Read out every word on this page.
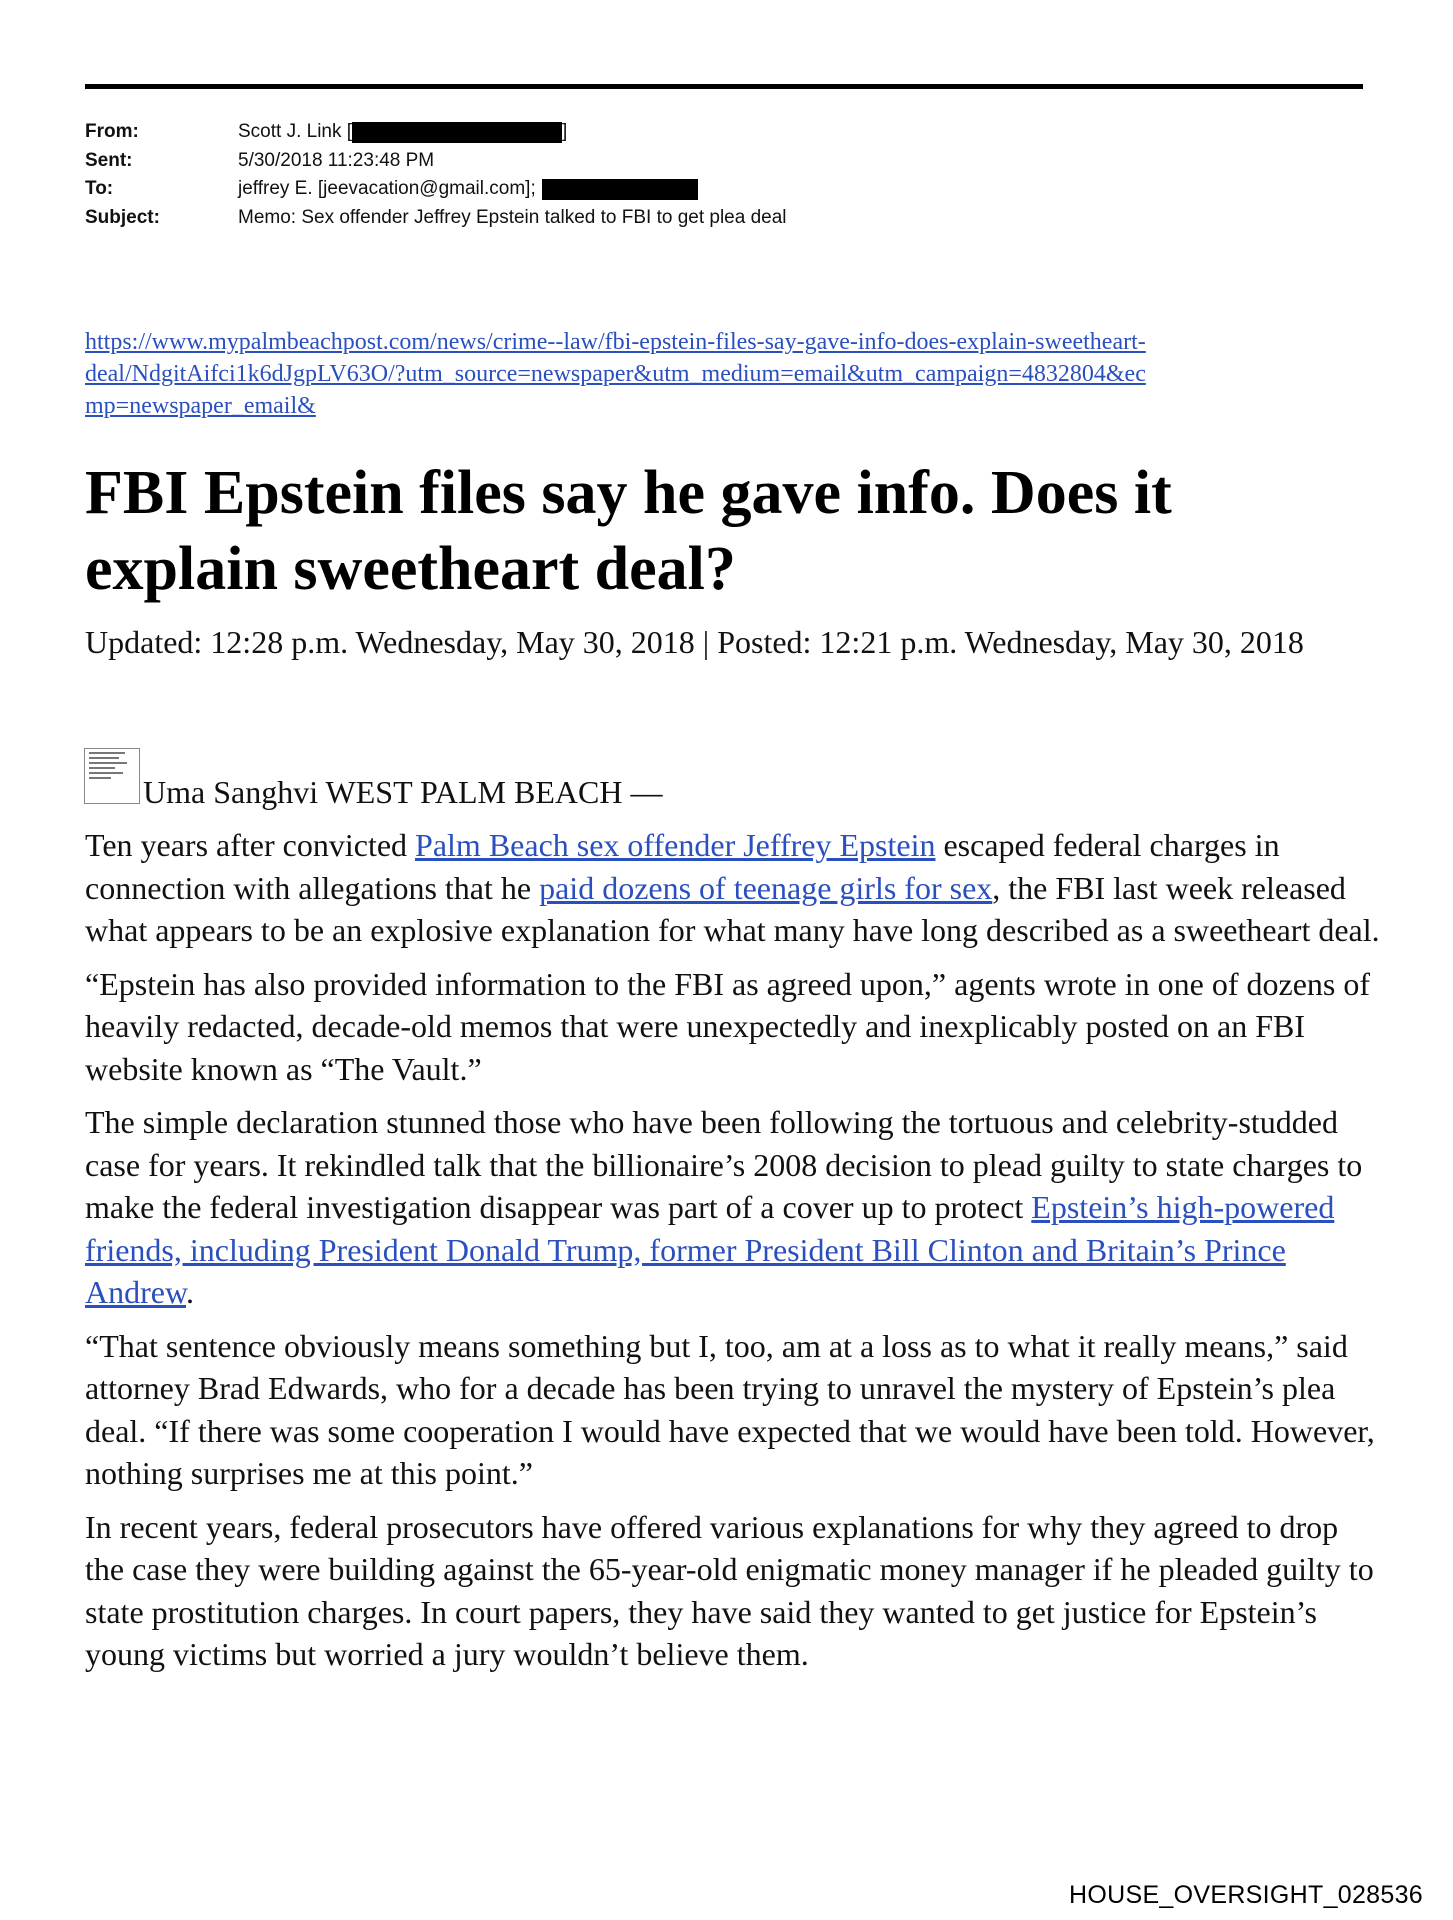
From:	Scott J. Link [	]
Sent:	5/30/2018 11:23:48 PM
To:	jeffrey E. [jeevacation@gmail.com];
Subject:	Memo: Sex offender Jeffrey Epstein talked to FBI to get plea deal
https://www.mypalmbeachpost.com/news/crime--law/fbi-epstein-files-say-gave-info-does-explain-sweetheart-
deal/NdgitAifci1k6dJgpLV63O/?utm_source=newspaper&utm_medium=email&utm_campaign=4832804&ec
mp=newspaper_email&
FBI Epstein files say he gave info. Does it explain sweetheart deal?
Updated: 12:28 p.m. Wednesday, May 30, 2018 | Posted: 12:21 p.m. Wednesday, May 30, 2018
Uma Sanghvi WEST PALM BEACH —

Ten years after convicted Palm Beach sex offender Jeffrey Epstein escaped federal charges in connection with allegations that he paid dozens of teenage girls for sex, the FBI last week released what appears to be an explosive explanation for what many have long described as a sweetheart deal.

“Epstein has also provided information to the FBI as agreed upon,” agents wrote in one of dozens of heavily redacted, decade-old memos that were unexpectedly and inexplicably posted on an FBI website known as “The Vault.”

The simple declaration stunned those who have been following the tortuous and celebrity-studded case for years. It rekindled talk that the billionaire’s 2008 decision to plead guilty to state charges to make the federal investigation disappear was part of a cover up to protect Epstein’s high-powered friends, including President Donald Trump, former President Bill Clinton and Britain’s Prince Andrew.

“That sentence obviously means something but I, too, am at a loss as to what it really means,” said attorney Brad Edwards, who for a decade has been trying to unravel the mystery of Epstein’s plea deal. “If there was some cooperation I would have expected that we would have been told. However, nothing surprises me at this point.”

In recent years, federal prosecutors have offered various explanations for why they agreed to drop the case they were building against the 65-year-old enigmatic money manager if he pleaded guilty to state prostitution charges. In court papers, they have said they wanted to get justice for Epstein’s young victims but worried a jury wouldn’t believe them.

HOUSE_OVERSIGHT_028536
